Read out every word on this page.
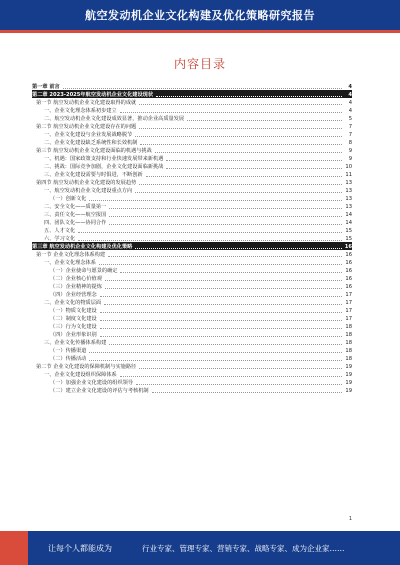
航空发动机企业文化构建及优化策略研究报告
内容目录
第一章 前言	4
第二章 2023-2025年航空发动机企业文化建设现状	4
第一节 航空发动机企业文化建设取得的成就	4
一、企业文化理念体系初步建立	4
二、航空发动机企业文化建设成效显著，推动企业高质量发展	5
第二节 航空发动机企业文化建设存在的问题	7
一、企业文化建设与企业发展战略脱节	7
二、企业文化建设缺乏系统性和长效机制	8
第三节 航空发动机企业文化建设面临的机遇与挑战	9
一、机遇：国家政策支持和行业快速发展带来新机遇	9
二、挑战：国际竞争加剧，企业文化建设面临新挑战	10
三、企业文化建设需要与时俱进，不断创新	11
第四节 航空发动机企业文化建设的发展趋势	13
一、航空发动机企业文化建设重点方向	13
（一）创新文化	13
二、安全文化——质量第一	13
三、责任文化——航空报国	14
四、团队文化——协同合作	14
五、人才文化	15
六、学习文化	15
第三章 航空发动机企业文化构建及优化策略	16
第一节 企业文化理念体系构建	16
一、企业文化理念体系	16
（一）企业使命与愿景的确定	16
（二）企业核心价值观	16
（三）企业精神的提炼	16
（四）企业经营理念	17
二、企业文化的物质层面	17
（一）物质文化建设	17
（二）制度文化建设	17
（三）行为文化建设	18
（四）企业形象识别	18
三、企业文化传播体系构建	18
（一）传播渠道	18
（二）传播活动	18
第二节 企业文化建设的保障机制与实施路径	19
一、企业文化建设组织保障体系	19
（一）加强企业文化建设的组织领导	19
（二）建立企业文化建设的评估与考核机制	19
1
让每个人都能成为	行业专家、管理专家、营销专家、战略专家、成为企业家……
